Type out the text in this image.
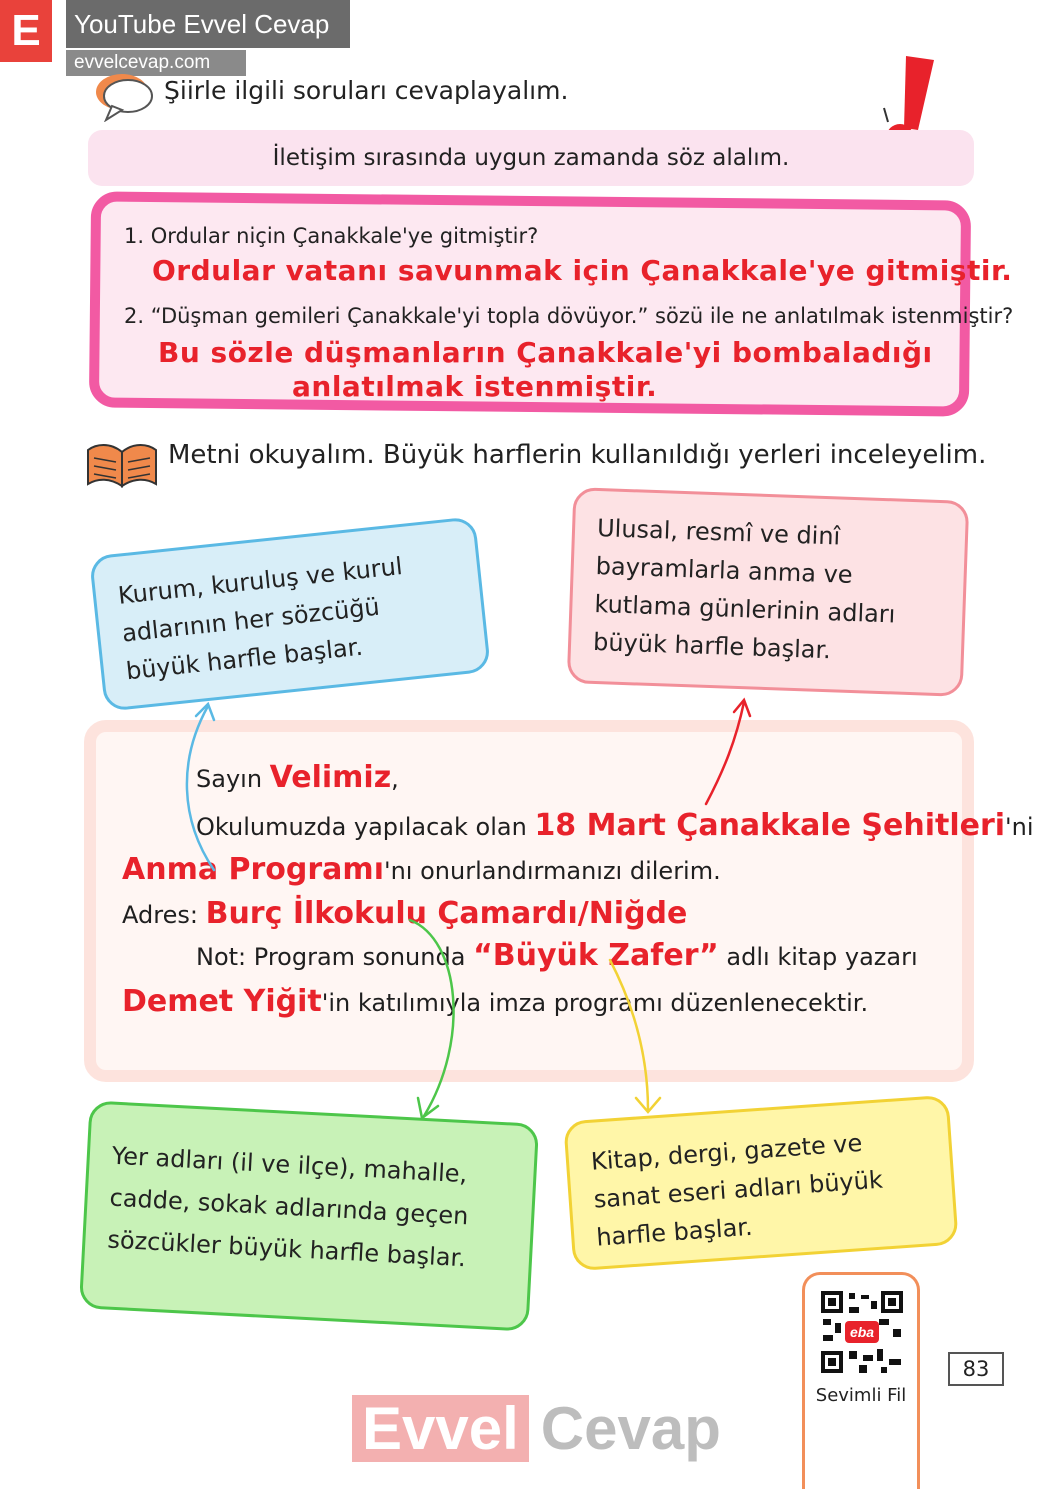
E	YouTube Evvel Cevap
evvelcevap.com
Şiirle ilgili soruları cevaplayalım.
İletişim sırasında uygun zamanda söz alalım.
1. Ordular niçin Çanakkale'ye gitmiştir?
Ordular vatanı savunmak için Çanakkale'ye gitmiştir.
2. “Düşman gemileri Çanakkale'yi topla dövüyor.” sözü ile ne anlatılmak istenmiştir?
Bu sözle düşmanların Çanakkale'yi bombaladığı
anlatılmak istenmiştir.
Metni okuyalım. Büyük harflerin kullanıldığı yerleri inceleyelim.
Kurum, kuruluş ve kurul adlarının her sözcüğü büyük harfle başlar.
Ulusal, resmî ve dinî bayramlarla anma ve kutlama günlerinin adları büyük harfle başlar.
Sayın Velimiz,
Okulumuzda yapılacak olan 18 Mart Çanakkale Şehitleri'ni
Anma Programı'nı onurlandırmanızı dilerim.
Adres: Burç İlkokulu Çamardı/Niğde
Not: Program sonunda “Büyük Zafer” adlı kitap yazarı
Demet Yiğit'in katılımıyla imza programı düzenlenecektir.
Yer adları (il ve ilçe), mahalle, cadde, sokak adlarında geçen sözcükler büyük harfle başlar.
Kitap, dergi, gazete ve sanat eseri adları büyük harfle başlar.
eba
Sevimli Fil
83
Evvel Cevap
